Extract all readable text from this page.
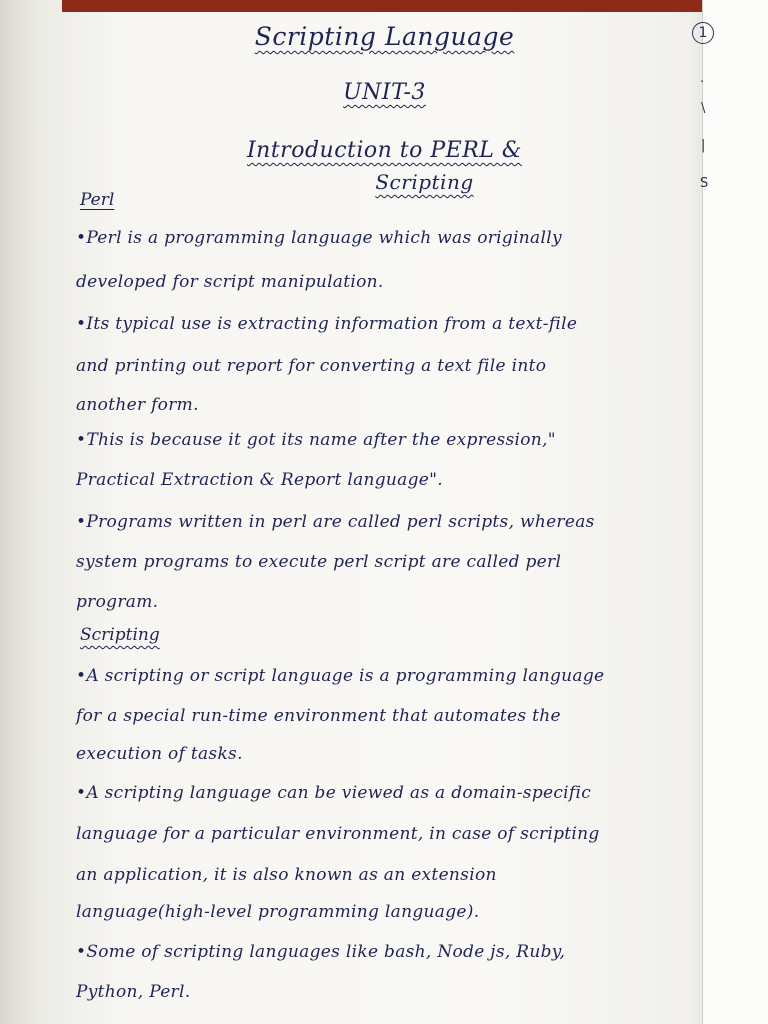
1
.
\
|
S
Scripting Language
UNIT-3
Introduction to PERL &
Scripting
Perl
•Perl is a programming language which was originally
developed for script manipulation.
•Its typical use is extracting information from a text-file
and printing out report for converting a text file into
another form.
•This is because it got its name after the expression,"
Practical Extraction & Report language".
•Programs written in perl are called perl scripts, whereas
system programs to execute perl script are called perl
program.
Scripting
•A scripting or script language is a programming language
for a special run-time environment that automates the
execution of tasks.
•A scripting language can be viewed as a domain-specific
language for a particular environment, in case of scripting
an application, it is also known as an extension
language(high-level programming language).
•Some of scripting languages like bash, Node js, Ruby,
Python, Perl.
